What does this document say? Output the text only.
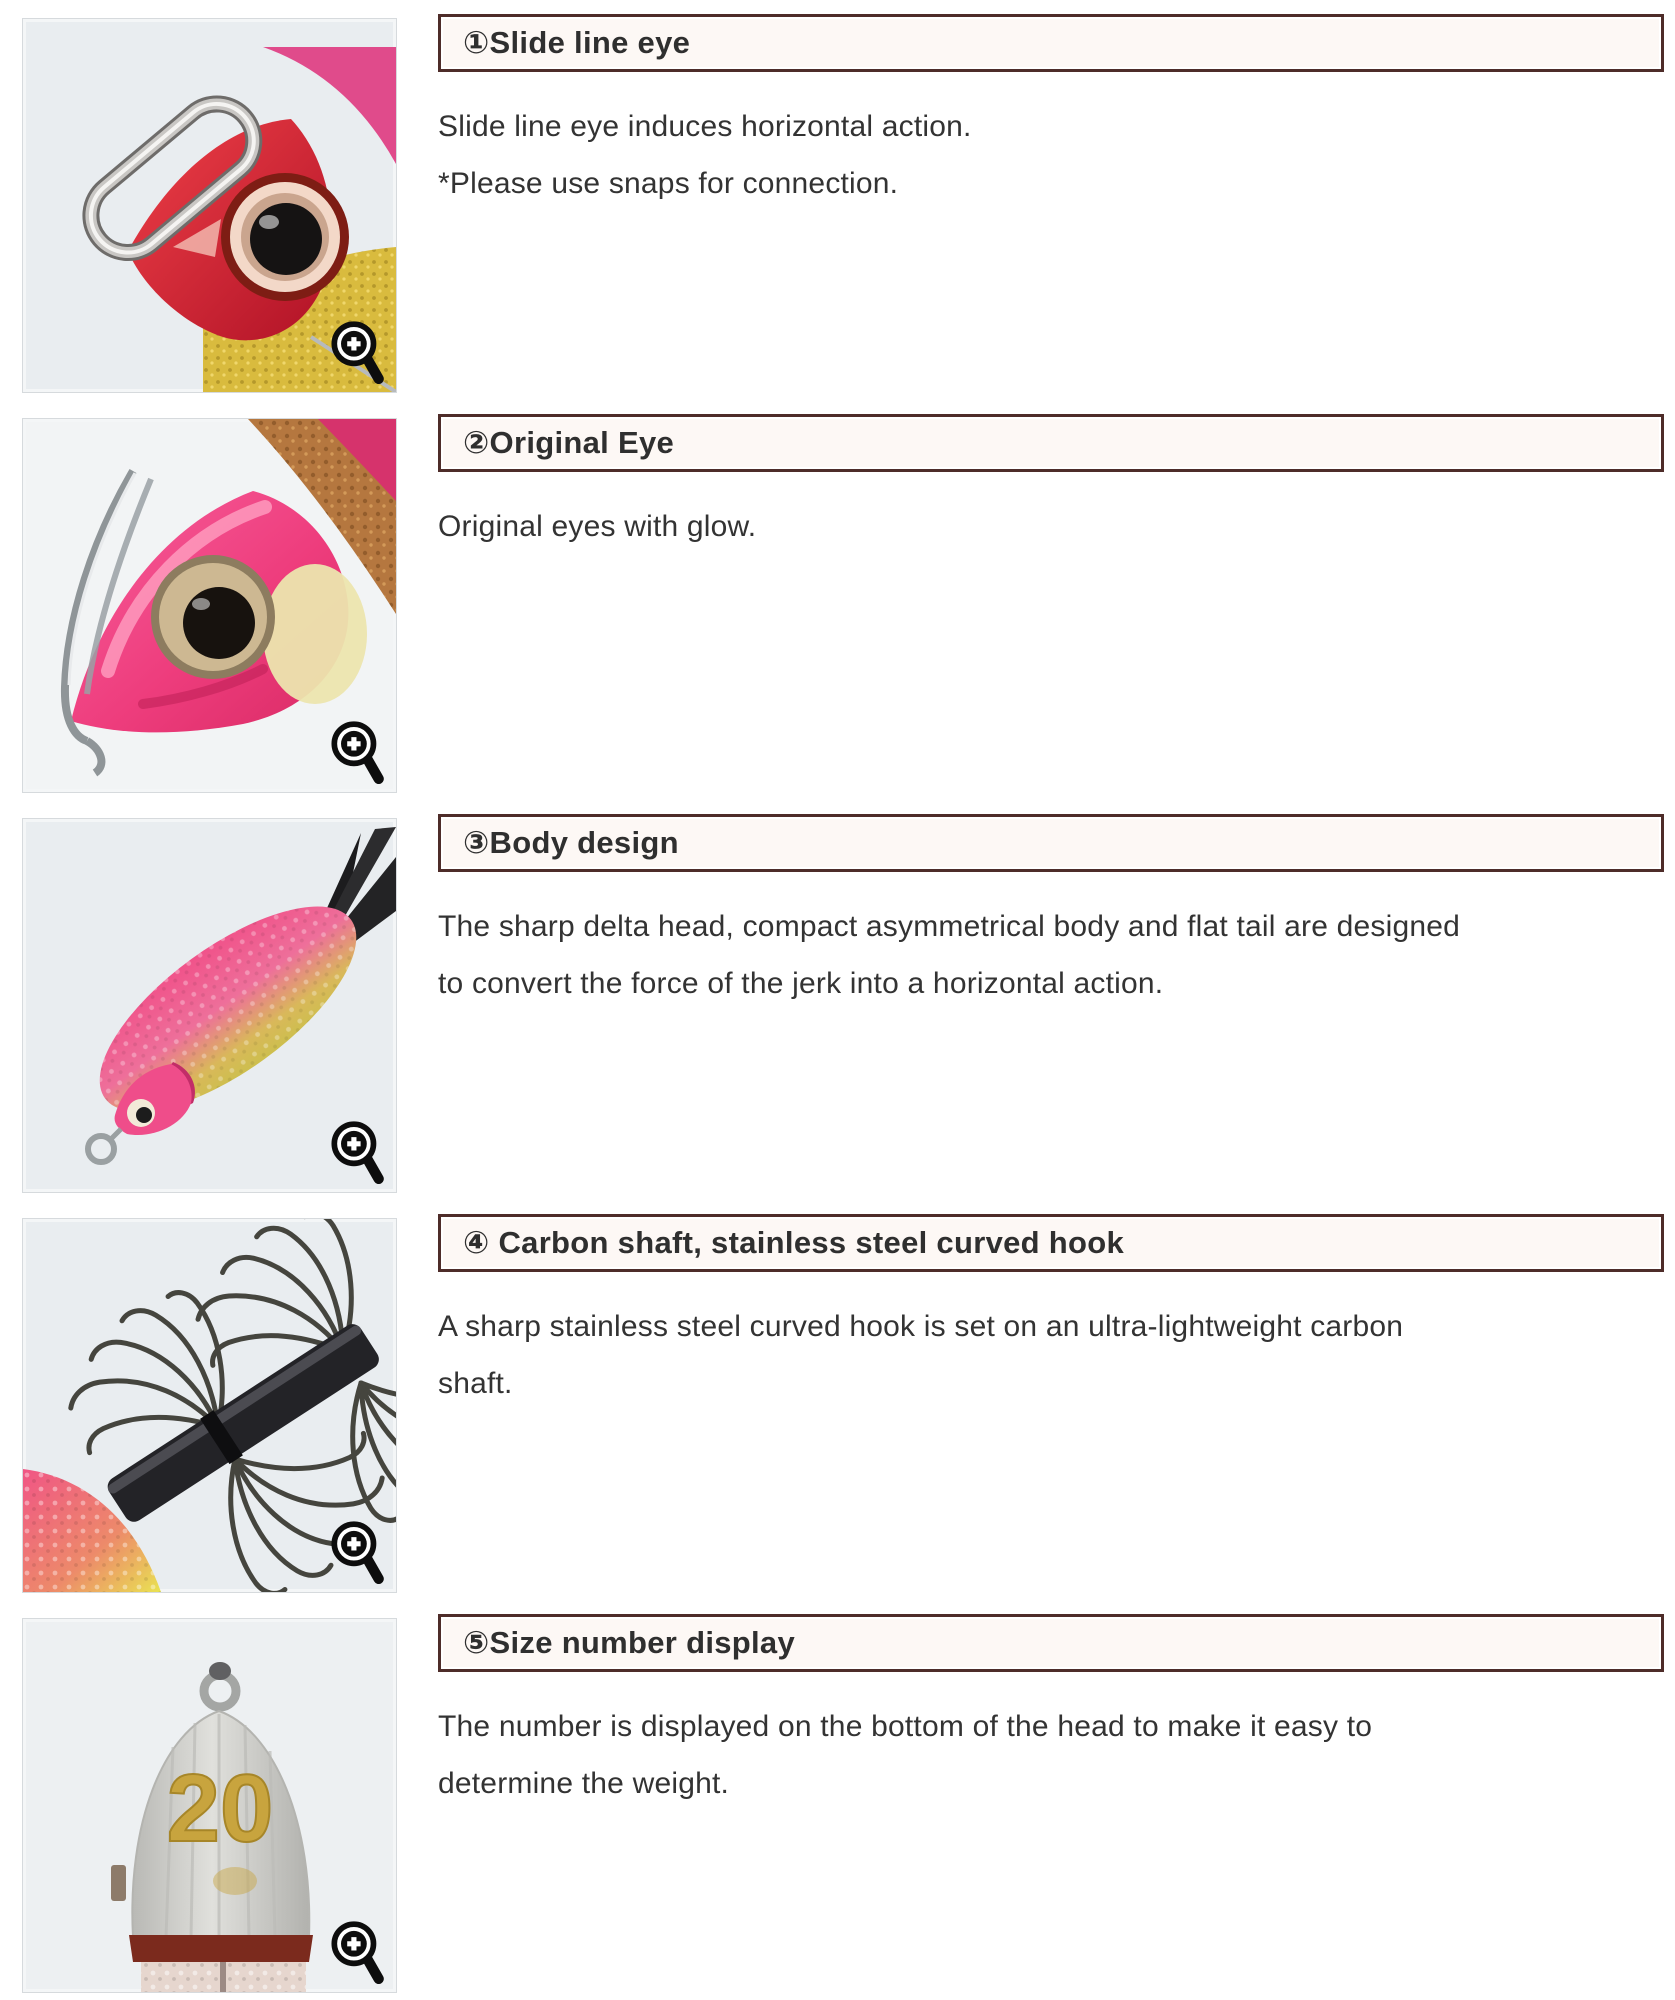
①Slide line eye

Slide line eye induces horizontal action.

*Please use snaps for connection.

②Original Eye

Original eyes with glow.

③Body design

The sharp delta head, compact asymmetrical body and flat tail are designed

to convert the force of the jerk into a horizontal action.

④ Carbon shaft, stainless steel curved hook

A sharp stainless steel curved hook is set on an ultra-lightweight carbon

shaft.

20
⑤Size number display

The number is displayed on the bottom of the head to make it easy to

determine the weight.
